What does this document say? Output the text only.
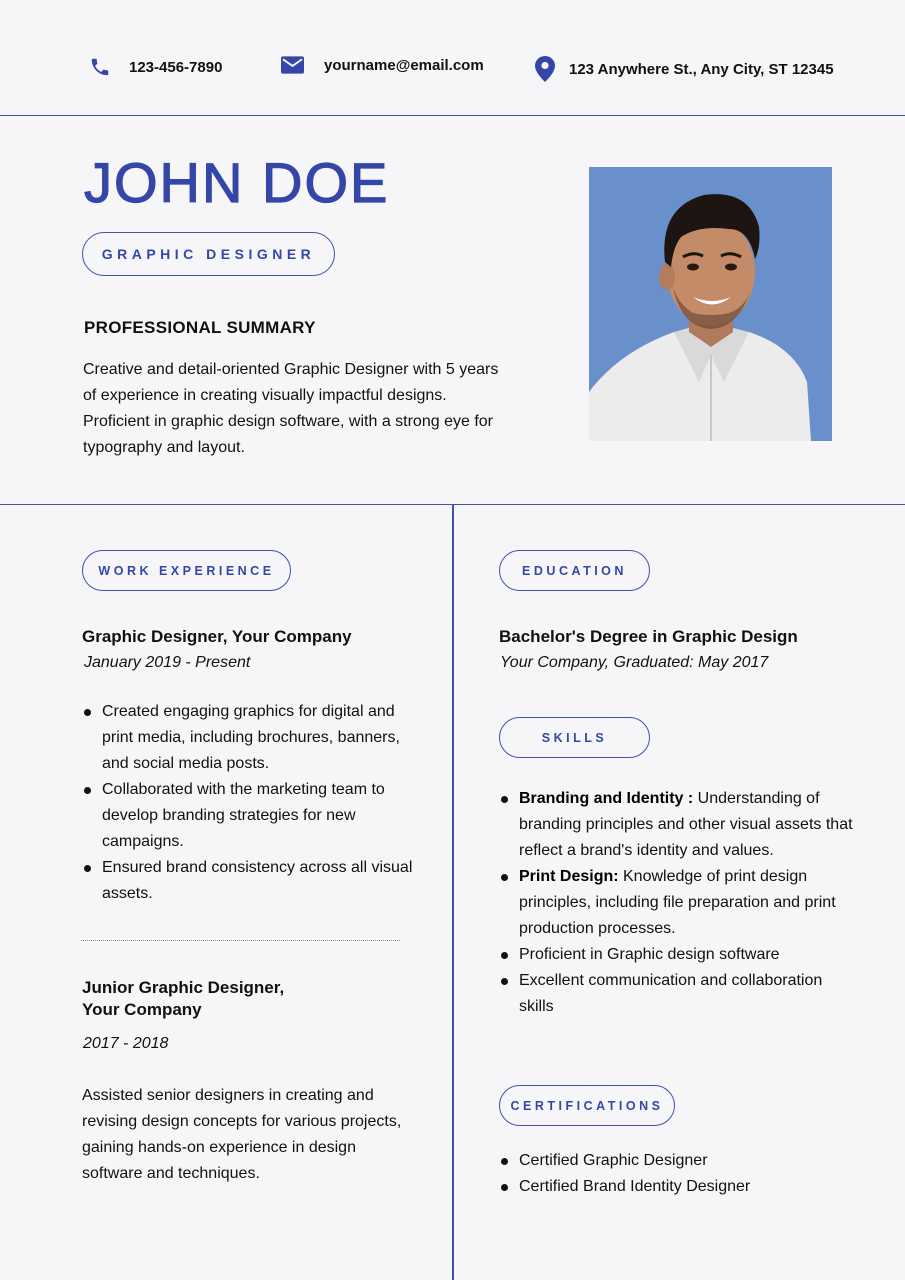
123-456-7890	yourname@email.com	123 Anywhere St., Any City, ST 12345
JOHN DOE
GRAPHIC DESIGNER
PROFESSIONAL SUMMARY

Creative and detail-oriented Graphic Designer with 5 years of experience in creating visually impactful designs. Proficient in graphic design software, with a strong eye for typography and layout.

WORK EXPERIENCE
Graphic Designer, Your Company

January 2019 - Present

Created engaging graphics for digital and print media, including brochures, banners, and social media posts.
Collaborated with the marketing team to develop branding strategies for new campaigns.
Ensured brand consistency across all visual assets.
Junior Graphic Designer,
Your Company

2017 - 2018

Assisted senior designers in creating and revising design concepts for various projects, gaining hands-on experience in design software and techniques.

EDUCATION
Bachelor's Degree in Graphic Design

Your Company, Graduated: May 2017

SKILLS
Branding and Identity : Understanding of branding principles and other visual assets that reflect a brand's identity and values.
Print Design: Knowledge of print design principles, including file preparation and print production processes.
Proficient in Graphic design software
Excellent communication and collaboration skills
CERTIFICATIONS
Certified Graphic Designer
Certified Brand Identity Designer
